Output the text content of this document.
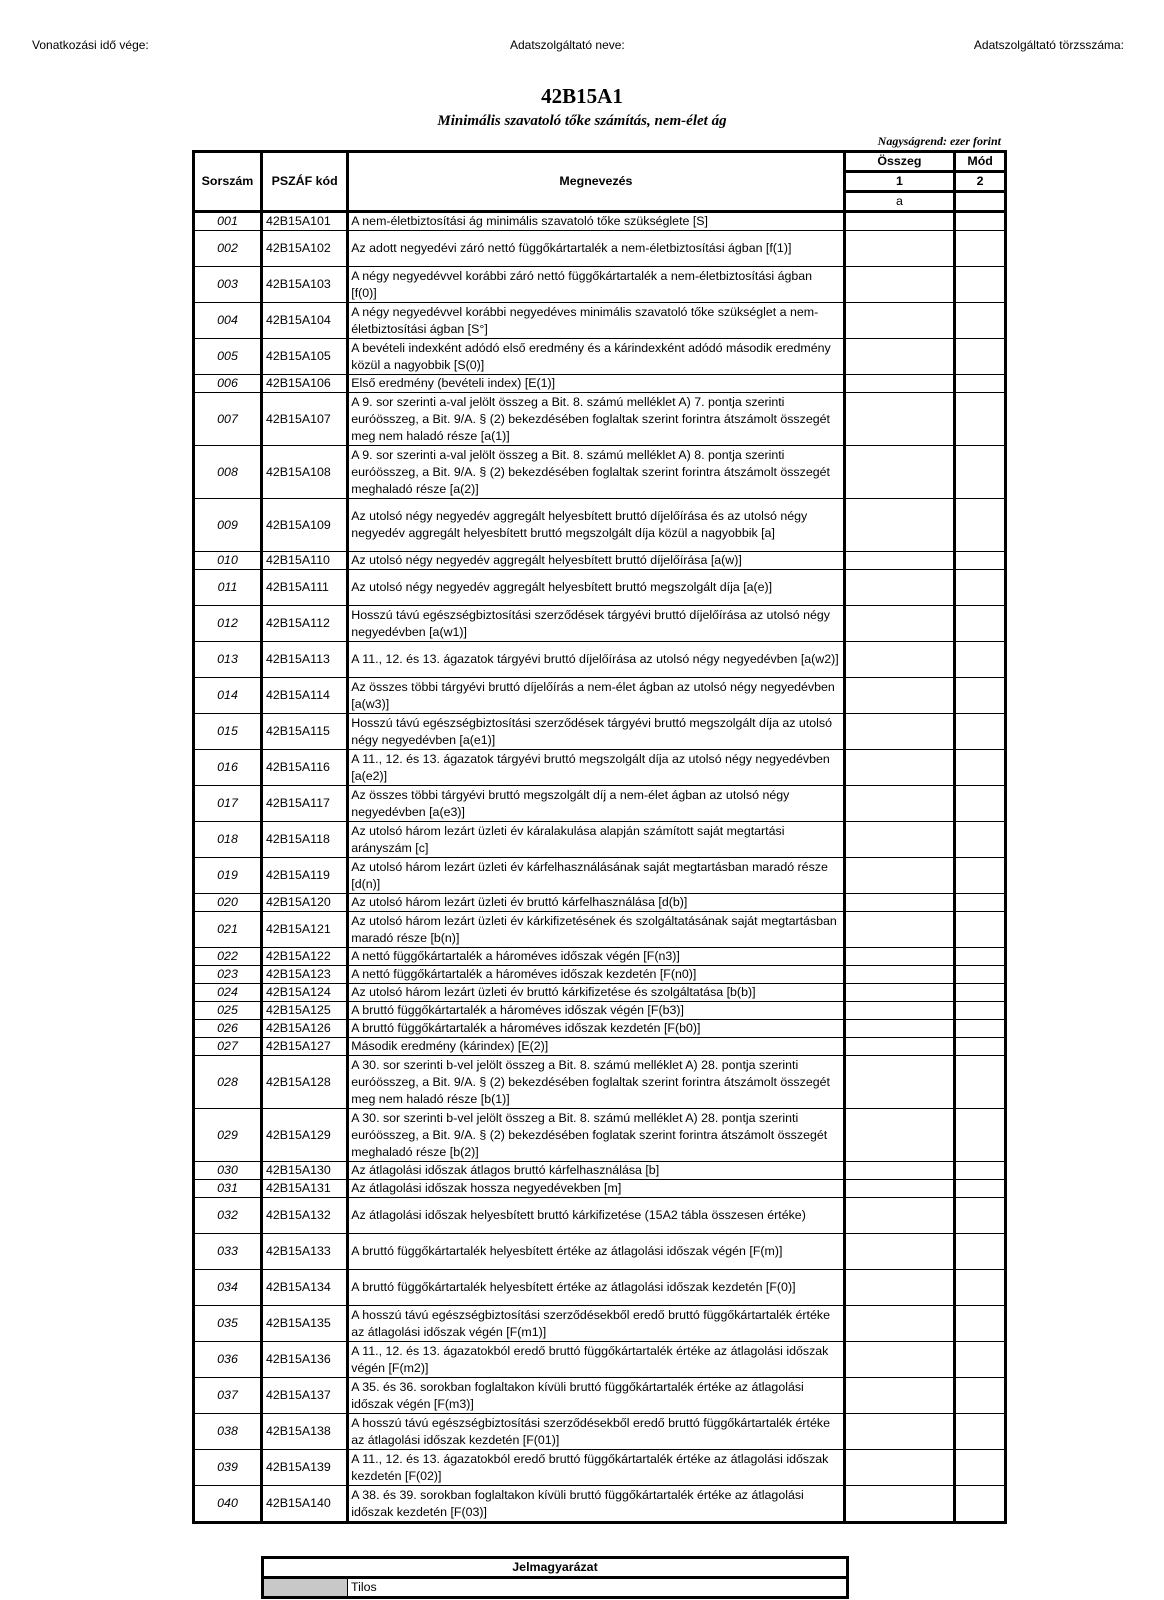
Vonatkozási idő vége:	Adatszolgáltató neve:	Adatszolgáltató törzsszáma:
42B15A1
Minimális szavatoló tőke számítás, nem-élet ág
Nagyságrend: ezer forint
Sorszám	PSZÁF kód	Megnevezés	Összeg	Mód
			1	2
			a	
001	42B15A101	A nem-életbiztosítási ág minimális szavatoló tőke szükséglete [S]		
002	42B15A102	Az adott negyedévi záró nettó függőkártartalék a nem-életbiztosítási ágban [f(1)]		
003	42B15A103	A négy negyedévvel korábbi záró nettó függőkártartalék a nem-életbiztosítási ágban [f(0)]		
004	42B15A104	A négy negyedévvel korábbi negyedéves minimális szavatoló tőke szükséglet a nem-életbiztosítási ágban [S°]		
005	42B15A105	A bevételi indexként adódó első eredmény és a kárindexként adódó második eredmény közül a nagyobbik [S(0)]		
006	42B15A106	Első eredmény (bevételi index) [E(1)]		
007	42B15A107	A 9. sor szerinti a-val jelölt összeg a Bit. 8. számú melléklet A) 7. pontja szerinti euróösszeg, a Bit. 9/A. § (2) bekezdésében foglaltak szerint forintra átszámolt összegét meg nem haladó része [a(1)]		
008	42B15A108	A 9. sor szerinti a-val jelölt összeg a Bit. 8. számú melléklet A) 8. pontja szerinti euróösszeg, a Bit. 9/A. § (2) bekezdésében foglaltak szerint forintra átszámolt összegét meghaladó része [a(2)]		
009	42B15A109	Az utolsó négy negyedév aggregált helyesbített bruttó díjelőírása és az utolsó négy negyedév aggregált helyesbített bruttó megszolgált díja közül a nagyobbik [a]		
010	42B15A110	Az utolsó négy negyedév aggregált helyesbített bruttó díjelőírása [a(w)]		
011	42B15A111	Az utolsó négy negyedév aggregált helyesbített bruttó megszolgált díja [a(e)]		
012	42B15A112	Hosszú távú egészségbiztosítási szerződések tárgyévi bruttó díjelőírása az utolsó négy negyedévben [a(w1)]		
013	42B15A113	A 11., 12. és 13. ágazatok tárgyévi bruttó díjelőírása az utolsó négy negyedévben [a(w2)]		
014	42B15A114	Az összes többi tárgyévi bruttó díjelőírás a nem-élet ágban az utolsó négy negyedévben [a(w3)]		
015	42B15A115	Hosszú távú egészségbiztosítási szerződések tárgyévi bruttó megszolgált díja az utolsó négy negyedévben [a(e1)]		
016	42B15A116	A 11., 12. és 13. ágazatok tárgyévi bruttó megszolgált díja az utolsó négy negyedévben [a(e2)]		
017	42B15A117	Az összes többi tárgyévi bruttó megszolgált díj a nem-élet ágban az utolsó négy negyedévben [a(e3)]		
018	42B15A118	Az utolsó három lezárt üzleti év káralakulása alapján számított saját megtartási arányszám [c]		
019	42B15A119	Az utolsó három lezárt üzleti év kárfelhasználásának saját megtartásban maradó része [d(n)]		
020	42B15A120	Az utolsó három lezárt üzleti év bruttó kárfelhasználása [d(b)]		
021	42B15A121	Az utolsó három lezárt üzleti év kárkifizetésének és szolgáltatásának saját megtartásban maradó része [b(n)]		
022	42B15A122	A nettó függőkártartalék a hároméves időszak végén [F(n3)]		
023	42B15A123	A nettó függőkártartalék a hároméves időszak kezdetén [F(n0)]		
024	42B15A124	Az utolsó három lezárt üzleti év bruttó kárkifizetése és szolgáltatása [b(b)]		
025	42B15A125	A bruttó függőkártartalék a hároméves időszak végén [F(b3)]		
026	42B15A126	A bruttó függőkártartalék a hároméves időszak kezdetén [F(b0)]		
027	42B15A127	Második eredmény (kárindex) [E(2)]		
028	42B15A128	A 30. sor szerinti b-vel jelölt összeg a Bit. 8. számú melléklet A) 28. pontja szerinti euróösszeg, a Bit. 9/A. § (2) bekezdésében foglaltak szerint forintra átszámolt összegét meg nem haladó része [b(1)]		
029	42B15A129	A 30. sor szerinti b-vel jelölt összeg a Bit. 8. számú melléklet A) 28. pontja szerinti euróösszeg, a Bit. 9/A. § (2) bekezdésében foglatak szerint forintra átszámolt összegét meghaladó része [b(2)]		
030	42B15A130	Az átlagolási időszak átlagos bruttó kárfelhasználása [b]		
031	42B15A131	Az átlagolási időszak hossza negyedévekben [m]		
032	42B15A132	Az átlagolási időszak helyesbített bruttó kárkifizetése (15A2 tábla összesen értéke)		
033	42B15A133	A bruttó függőkártartalék helyesbített értéke az átlagolási időszak végén [F(m)]		
034	42B15A134	A bruttó függőkártartalék helyesbített értéke az átlagolási időszak kezdetén [F(0)]		
035	42B15A135	A hosszú távú egészségbiztosítási szerződésekből eredő bruttó függőkártartalék értéke az átlagolási időszak végén [F(m1)]		
036	42B15A136	A 11., 12. és 13. ágazatokból eredő bruttó függőkártartalék értéke az átlagolási időszak végén [F(m2)]		
037	42B15A137	A 35. és 36. sorokban foglaltakon kívüli bruttó függőkártartalék értéke az átlagolási időszak végén [F(m3)]		
038	42B15A138	A hosszú távú egészségbiztosítási szerződésekből eredő bruttó függőkártartalék értéke az átlagolási időszak kezdetén [F(01)]		
039	42B15A139	A 11., 12. és 13. ágazatokból eredő bruttó függőkártartalék értéke az átlagolási időszak kezdetén [F(02)]		
040	42B15A140	A 38. és 39. sorokban foglaltakon kívüli bruttó függőkártartalék értéke az átlagolási időszak kezdetén [F(03)]		
Jelmagyarázat
	Tilos
